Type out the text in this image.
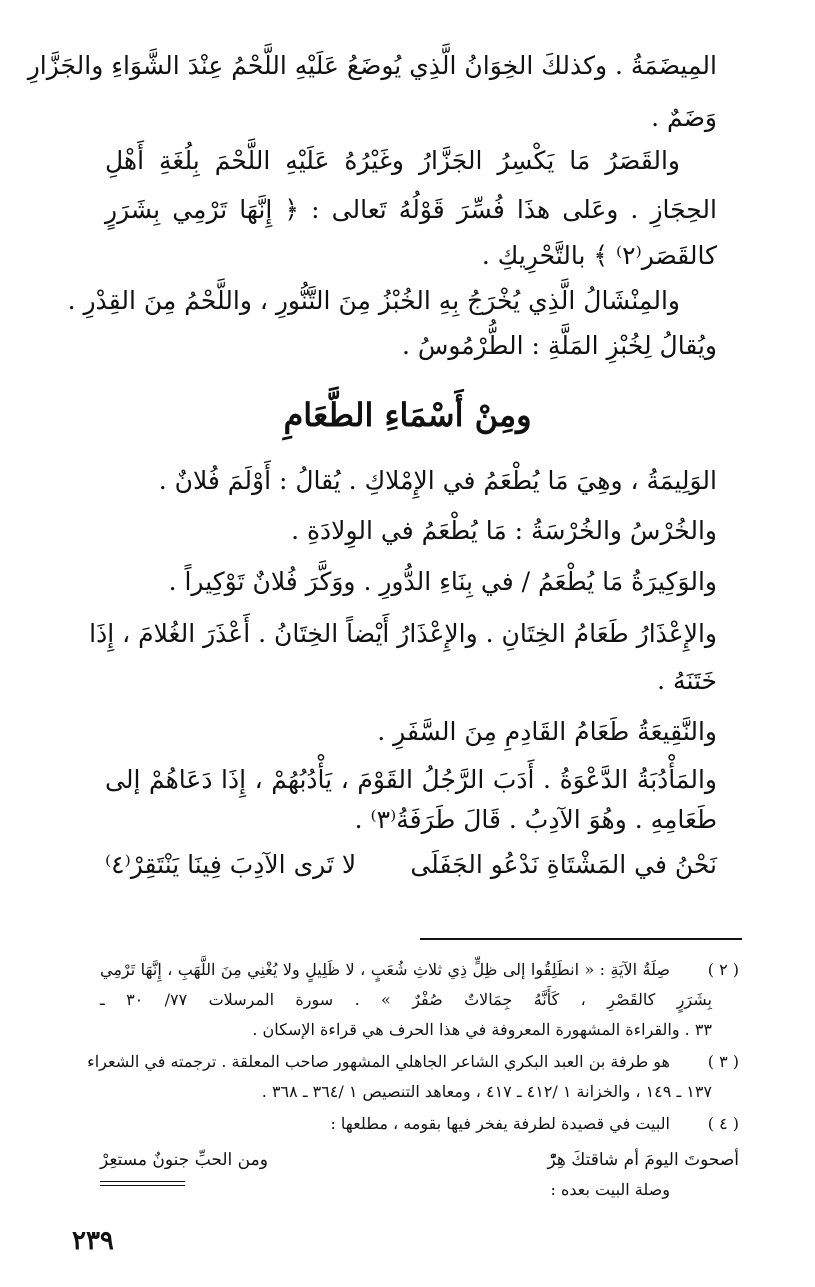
المِيضَمَةُ . وكذلكَ الخِوَانُ الَّذِي يُوضَعُ عَلَيْهِ اللَّحْمُ عِنْدَ الشَّوَاءِ والجَزَّارِ
وَضَمٌ .
والقَصَرُ مَا يَكْسِرُ الجَزَّارُ وغَيْرُهُ عَلَيْهِ اللَّحْمَ بِلُغَةِ أَهْلِ
الحِجَازِ . وعَلى هذَا فُسِّرَ قَوْلُهُ تَعالى : ﴿ إِنَّهَا تَرْمِي بِشَرَرٍ
كالقَصَر⁽٢⁾ ﴾ بالتَّحْرِيكِ .
والمِنْشَالُ الَّذِي يُخْرَجُ بِهِ الخُبْزُ مِنَ التَّنُّورِ ، واللَّحْمُ مِنَ القِدْرِ .
ويُقالُ لِخُبْزِ المَلَّةِ : الطُّرْمُوسُ .
ومِنْ أَسْمَاءِ الطَّعَامِ
الوَلِيمَةُ ، وهِيَ مَا يُطْعَمُ في الإِمْلاكِ . يُقالُ : أَوْلَمَ فُلانٌ .
والخُرْسُ والخُرْسَةُ : مَا يُطْعَمُ في الوِلادَةِ .
والوَكِيرَةُ مَا يُطْعَمُ / في بِنَاءِ الدُّورِ . ووَكَّرَ فُلانٌ تَوْكِيراً .
والإِعْذَارُ طَعَامُ الخِتَانِ . والإِعْذَارُ أَيْضاً الخِتَانُ . أَعْذَرَ الغُلامَ ، إِذَا
خَتَنَهُ .
والنَّقِيعَةُ طَعَامُ القَادِمِ مِنَ السَّفَرِ .
والمَأْدُبَةُ الدَّعْوَةُ . أَدَبَ الرَّجُلُ القَوْمَ ، يَأْدُبُهُمْ ، إِذَا دَعَاهُمْ إلى
طَعَامِهِ . وهُوَ الآدِبُ . قَالَ طَرَفَةُ⁽٣⁾ .
نَحْنُ في المَشْتَاةِ نَدْعُو الجَفَلَى
لا تَرى الآدِبَ فِينَا يَنْتَقِرْ⁽٤⁾
( ٢ )
صِلَةُ الآيَةِ : « انطَلِقُوا إلى ظِلٍّ ذِي ثلاثِ شُعَبٍ ، لا ظَلِيلٍ ولا يُغْنِي مِنَ اللَّهَبِ ، إِنَّهَا تَرْمِي
بِشَرَرٍ كالقَصْرِ ، كَأَنَّهُ جِمَالاتٌ صُفْرٌ » . سورة المرسلات ٧٧/ ٣٠ ـ
٣٣ . والقراءة المشهورة المعروفة في هذا الحرف هي قراءة الإسكان .
( ٣ )
هو طرفة بن العبد البكري الشاعر الجاهلي المشهور صاحب المعلقة . ترجمته في الشعراء
١٣٧ ـ ١٤٩ ، والخزانة ١ /٤١٢ ـ ٤١٧ ، ومعاهد التنصيص ١ /٣٦٤ ـ ٣٦٨ .
( ٤ )
البيت في قصيدة لطرفة يفخر فيها بقومه ، مطلعها :
أصحوتَ اليومَ أم شاقتكَ هِرّْ
ومن الحبِّ جنونٌ مستعِرْ
وصلة البيت بعده :
٢٣٩
